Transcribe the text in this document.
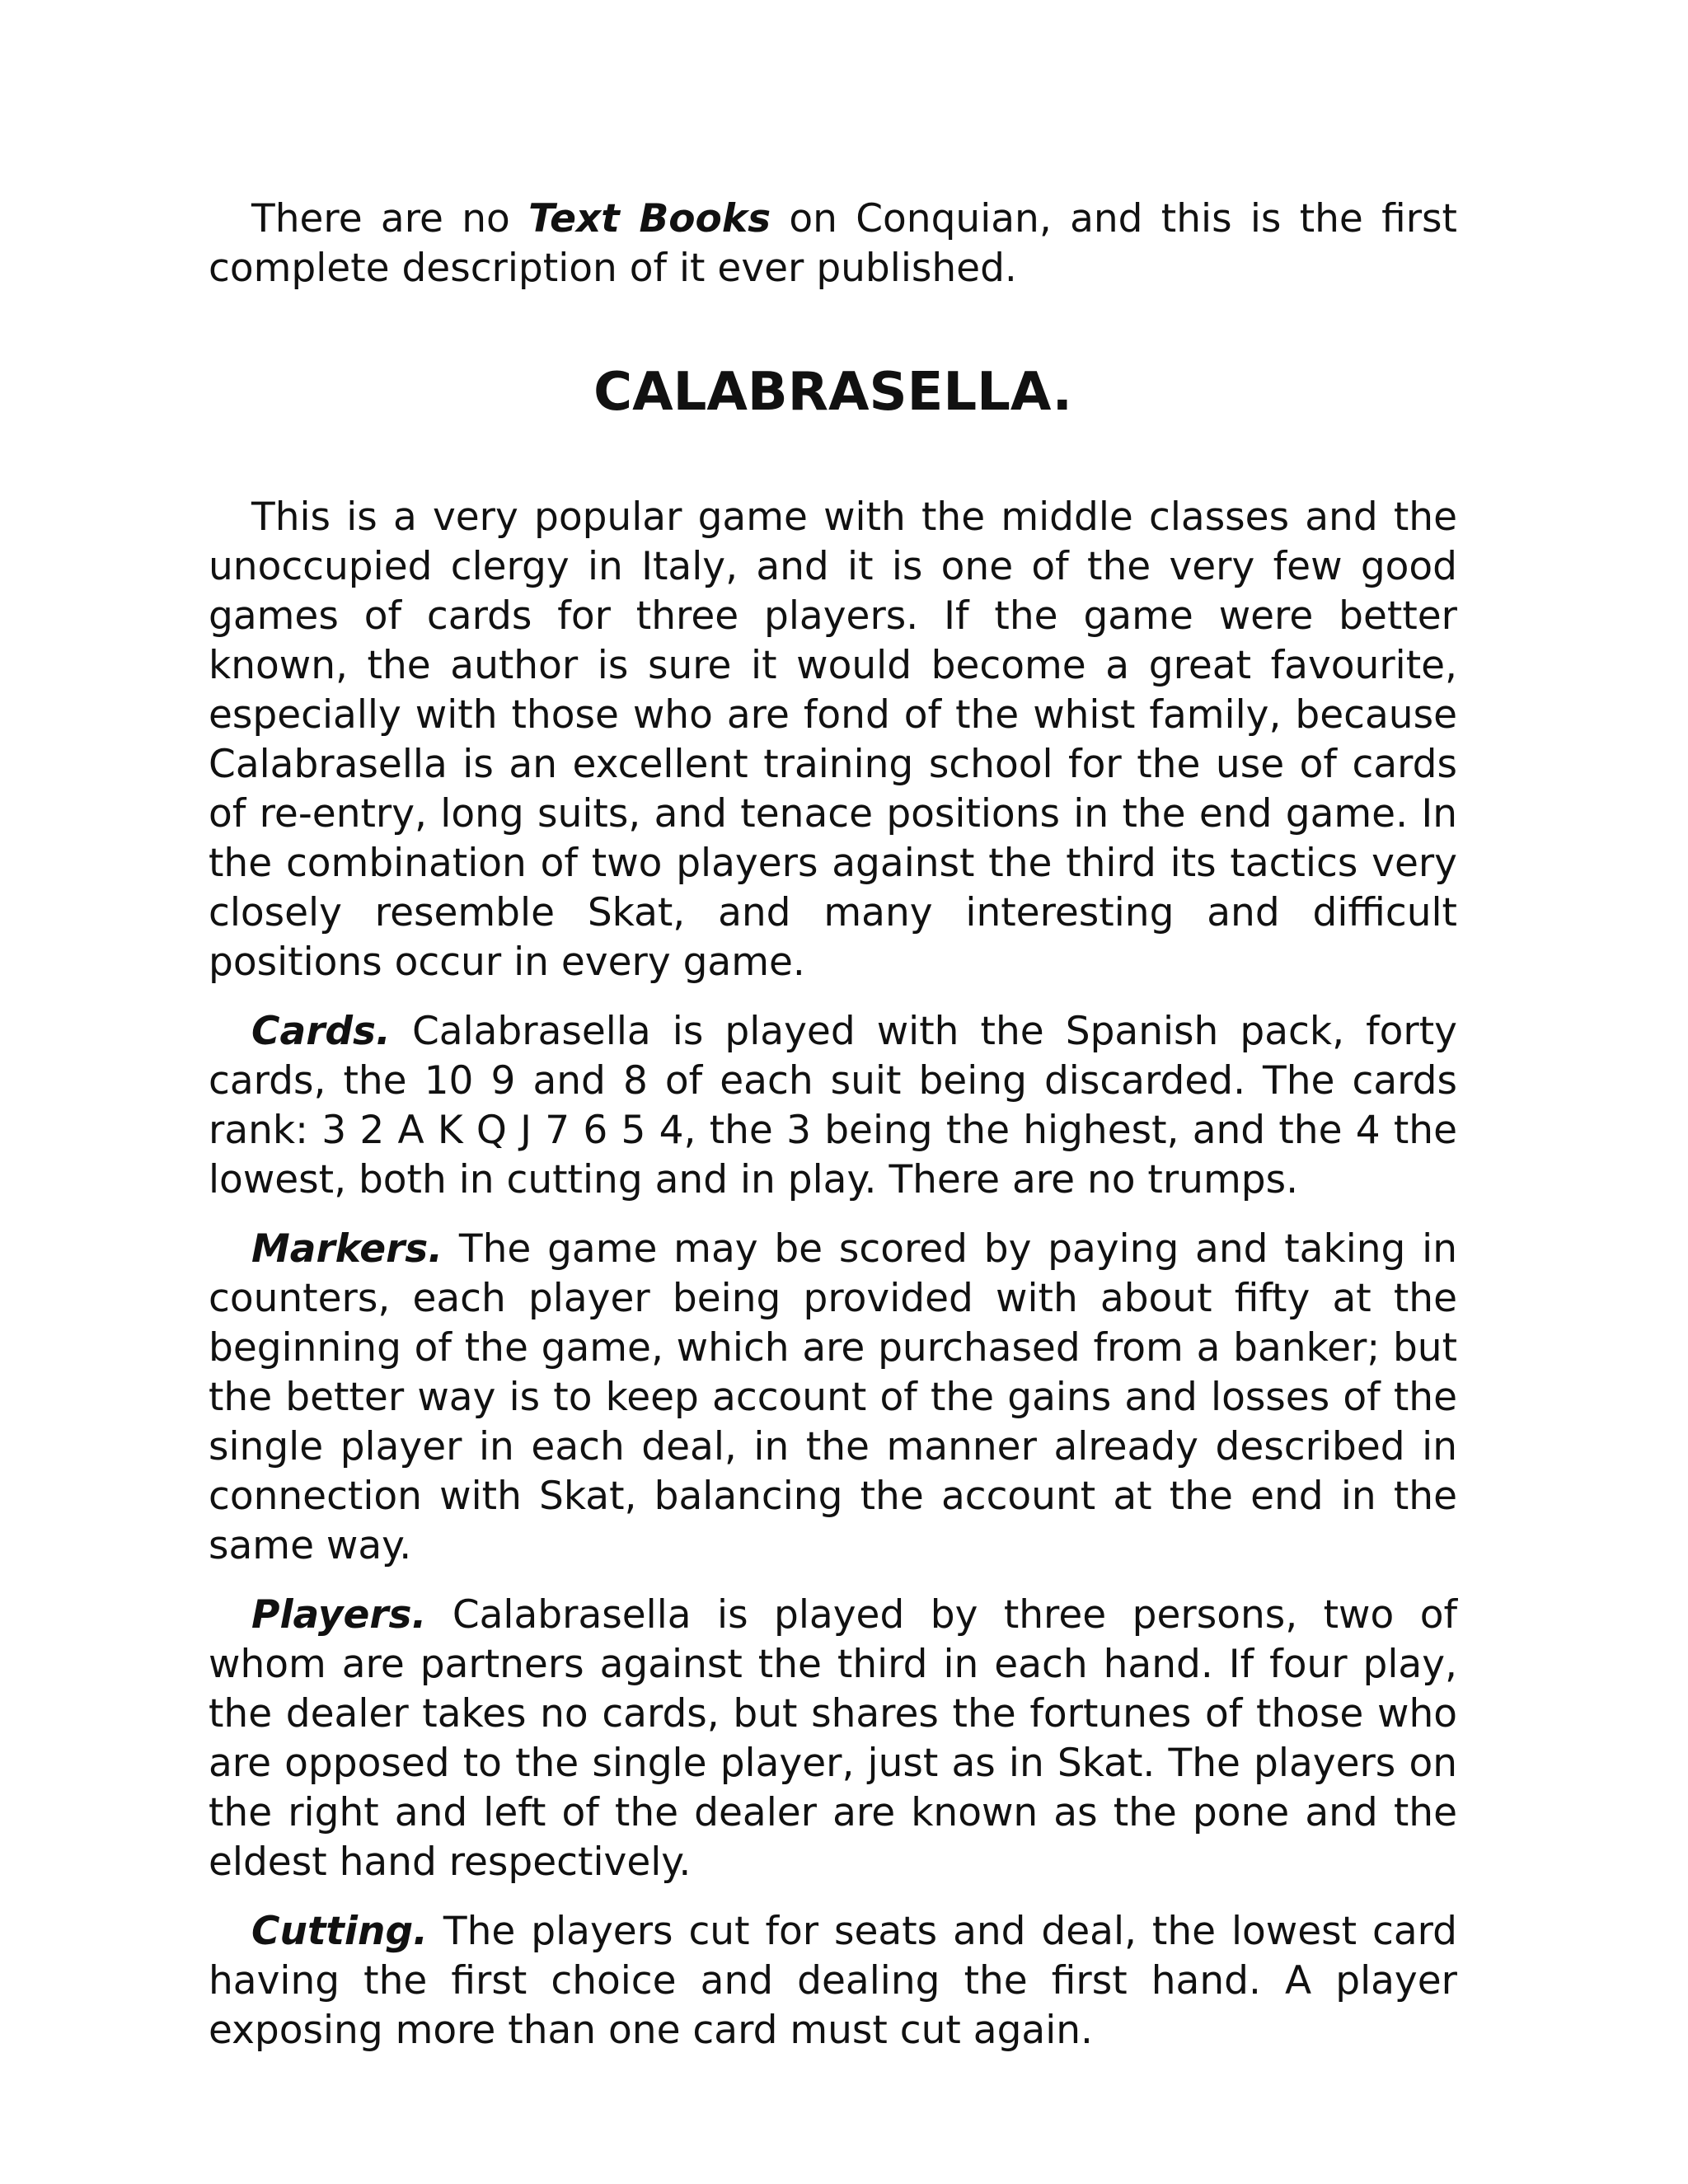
There are no Text Books on Conquian, and this is the first complete description of it ever published.

CALABRASELLA.

This is a very popular game with the middle classes and the unoccupied clergy in Italy, and it is one of the very few good games of cards for three players. If the game were better known, the author is sure it would become a great favourite, especially with those who are fond of the whist family, because Calabrasella is an excellent training school for the use of cards of re-entry, long suits, and tenace positions in the end game. In the combination of two players against the third its tactics very closely resemble Skat, and many interesting and difficult positions occur in every game.

Cards. Calabrasella is played with the Spanish pack, forty cards, the 10 9 and 8 of each suit being discarded. The cards rank: 3 2 A K Q J 7 6 5 4, the 3 being the highest, and the 4 the lowest, both in cutting and in play. There are no trumps.

Markers. The game may be scored by paying and taking in counters, each player being provided with about fifty at the beginning of the game, which are purchased from a banker; but the better way is to keep account of the gains and losses of the single player in each deal, in the manner already described in connection with Skat, balancing the account at the end in the same way.

Players. Calabrasella is played by three persons, two of whom are partners against the third in each hand. If four play, the dealer takes no cards, but shares the fortunes of those who are opposed to the single player, just as in Skat. The players on the right and left of the dealer are known as the pone and the eldest hand respectively.

Cutting. The players cut for seats and deal, the lowest card having the first choice and dealing the first hand. A player exposing more than one card must cut again.
